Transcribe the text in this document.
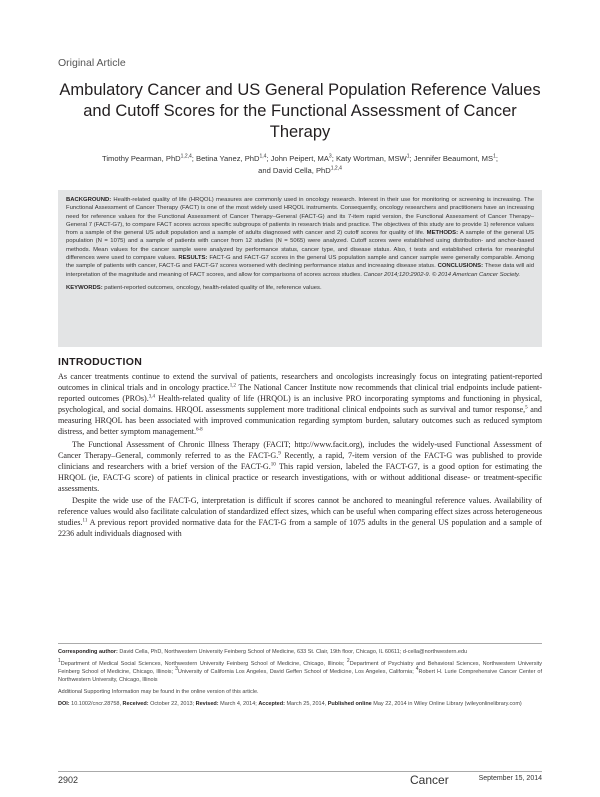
Original Article
Ambulatory Cancer and US General Population Reference Values and Cutoff Scores for the Functional Assessment of Cancer Therapy
Timothy Pearman, PhD$^{1,2,4}$; Betina Yanez, PhD$^{1,4}$; John Peipert, $MA^3$; Katy Wortman, MSW$^1$; Jennifer Beaumont, $MS^1$;
and David Cella, PhD$^{1,2,4}$

BACKGROUND: Health-related quality of life (HRQOL) measures are commonly used in oncology research. Interest in their use for monitoring or screening is increasing. The Functional Assessment of Cancer Therapy (FACT) is one of the most widely used HRQOL instruments. Consequently, oncology researchers and practitioners have an increasing need for reference values for the Functional Assessment of Cancer Therapy–General (FACT-G) and its 7-item rapid version, the Functional Assessment of Cancer Therapy–General 7 (FACT-G7), to compare FACT scores across specific subgroups of patients in research trials and practice. The objectives of this study are to provide 1) reference values from a sample of the general US adult population and a sample of adults diagnosed with cancer and 2) cutoff scores for quality of life. METHODS: A sample of the general US population (N = 1075) and a sample of patients with cancer from 12 studies (N = 5065) were analyzed. Cutoff scores were established using distribution- and anchor-based methods. Mean values for the cancer sample were analyzed by performance status, cancer type, and disease status. Also, t tests and established criteria for meaningful differences were used to compare values. RESULTS: FACT-G and FACT-G7 scores in the general US population sample and cancer sample were generally comparable. Among the sample of patients with cancer, FACT-G and FACT-G7 scores worsened with declining performance status and increasing disease status. CONCLUSIONS: These data will aid interpretation of the magnitude and meaning of FACT scores, and allow for comparisons of scores across studies. Cancer 2014;120:2902-9. © 2014 American Cancer Society.

KEYWORDS: patient-reported outcomes, oncology, health-related quality of life, reference values.

INTRODUCTION

As cancer treatments continue to extend the survival of patients, researchers and oncologists increasingly focus on integrating patient-reported outcomes in clinical trials and in oncology practice.$^{1,2}$ The National Cancer Institute now recommends that clinical trial endpoints include patient-reported outcomes (PROs).$^{3,4}$ Health-related quality of life (HRQOL) is an inclusive PRO incorporating symptoms and functioning in physical, psychological, and social domains. HRQOL assessments supplement more traditional clinical endpoints such as survival and tumor response,$^5$ and measuring HRQOL has been associated with improved communication regarding symptom burden, salutary outcomes such as reduced symptom distress, and better symptom management.$^{6-8}$

The Functional Assessment of Chronic Illness Therapy (FACIT; http://www.facit.org), includes the widely-used Functional Assessment of Cancer Therapy–General, commonly referred to as the FACT-G.$^9$ Recently, a rapid, 7-item version of the FACT-G was published to provide clinicians and researchers with a brief version of the FACT-G.$^{10}$ This rapid version, labeled the FACT-G7, is a good option for estimating the HRQOL (ie, FACT-G score) of patients in clinical practice or research investigations, with or without additional disease- or treatment-specific assessments.

Despite the wide use of the FACT-G, interpretation is difficult if scores cannot be anchored to meaningful reference values. Availability of reference values would also facilitate calculation of standardized effect sizes, which can be useful when comparing effect sizes across heterogeneous studies.$^{11}$ A previous report provided normative data for the FACT-G from a sample of 1075 adults in the general US population and a sample of 2236 adult individuals diagnosed with

Corresponding author: David Cella, PhD, Northwestern University Feinberg School of Medicine, 633 St. Clair, 19th floor, Chicago, IL 60611; d-cella@northwestern.edu

$^1$Department of Medical Social Sciences, Northwestern University Feinberg School of Medicine, Chicago, Illinois; $^2$Department of Psychiatry and Behavioral Sciences, Northwestern University Feinberg School of Medicine, Chicago, Illinois; $^3$University of California Los Angeles, David Geffen School of Medicine, Los Angeles, California; $^4$Robert H. Lurie Comprehensive Cancer Center of Northwestern University, Chicago, Illinois

Additional Supporting Information may be found in the online version of this article.

DOI: 10.1002/cncr.28758, Received: October 22, 2013; Revised: March 4, 2014; Accepted: March 25, 2014, Published online May 22, 2014 in Wiley Online Library (wileyonlinelibrary.com)

2902	Cancer	September 15, 2014
